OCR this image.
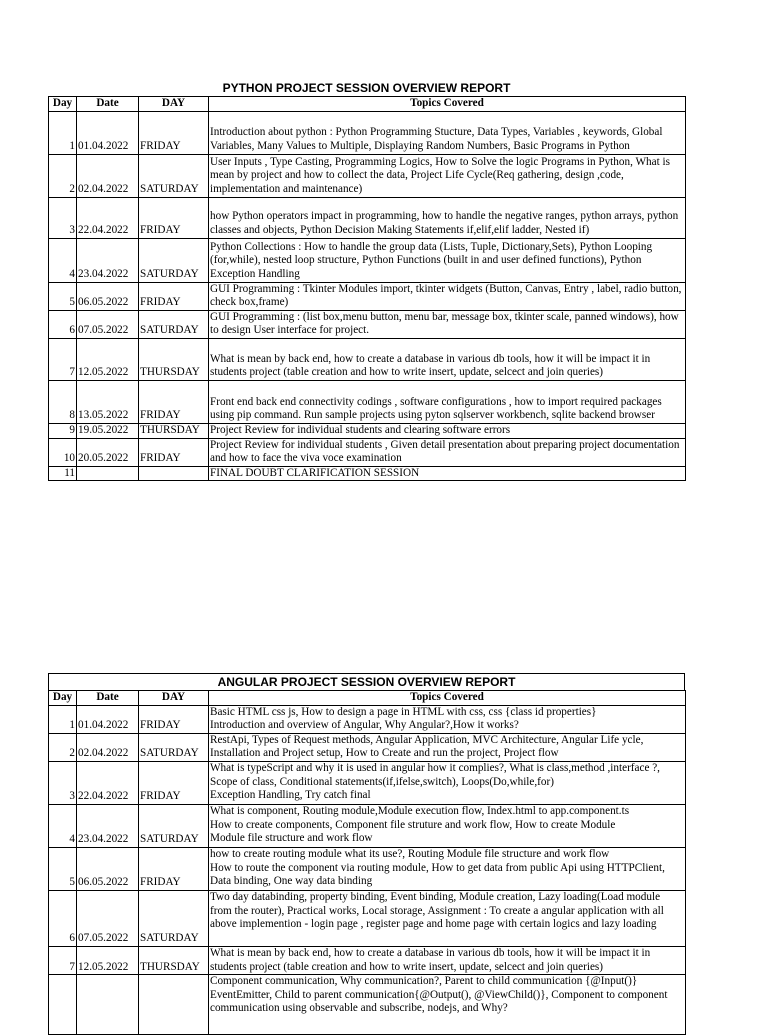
PYTHON PROJECT SESSION OVERVIEW REPORT
Day	Date	DAY	Topics Covered
1	01.04.2022	FRIDAY	Introduction about python : Python Programming Stucture, Data Types, Variables , keywords, Global Variables, Many Values to Multiple, Displaying Random Numbers, Basic Programs in Python
2	02.04.2022	SATURDAY	User Inputs , Type Casting, Programming Logics, How to Solve the logic Programs in Python, What is mean by project and how to collect the data, Project Life Cycle(Req gathering, design ,code, implementation and maintenance)
3	22.04.2022	FRIDAY	how Python operators impact in programming, how to handle the negative ranges, python arrays, python classes and objects, Python Decision Making Statements if,elif,elif ladder, Nested if)
4	23.04.2022	SATURDAY	Python Collections : How to handle the group data (Lists, Tuple, Dictionary,Sets), Python Looping (for,while), nested loop structure, Python Functions (built in and user defined functions), Python Exception Handling
5	06.05.2022	FRIDAY	GUI Programming : Tkinter Modules import, tkinter widgets (Button, Canvas, Entry , label, radio button, check box,frame)
6	07.05.2022	SATURDAY	GUI Programming : (list box,menu button, menu bar, message box, tkinter scale, panned windows), how to design User interface for project.
7	12.05.2022	THURSDAY	What is mean by back end, how to create a database in various db tools, how it will be impact it in students project (table creation and how to write insert, update, selcect and join queries)
8	13.05.2022	FRIDAY	Front end back end connectivity codings , software configurations , how to import required packages using pip command. Run sample projects using pyton sqlserver workbench, sqlite backend browser
9	19.05.2022	THURSDAY	Project Review for individual students and clearing software errors
10	20.05.2022	FRIDAY	Project Review for individual students , Given detail presentation about preparing project documentation and how to face the viva voce examination
11			FINAL DOUBT CLARIFICATION SESSION
ANGULAR PROJECT SESSION OVERVIEW REPORT
Day	Date	DAY	Topics Covered
1	01.04.2022	FRIDAY	Basic HTML css js, How to design a page in HTML with css, css {class id properties}
Introduction and overview of Angular, Why Angular?,How it works?
2	02.04.2022	SATURDAY	RestApi, Types of Request methods, Angular Application, MVC Architecture, Angular Life ycle, Installation and Project setup, How to Create and run the project, Project flow
3	22.04.2022	FRIDAY	What is typeScript and why it is used in angular how it complies?, What is class,method ,interface ?, Scope of class, Conditional statements(if,ifelse,switch), Loops(Do,while,for)
Exception Handling, Try catch final
4	23.04.2022	SATURDAY	What is component, Routing module,Module execution flow, Index.html to app.component.ts
How to create components, Component file struture and work flow, How to create Module
Module file structure and work flow
5	06.05.2022	FRIDAY	how to create routing module what its use?, Routing Module file structure and work flow
How to route the component via routing module, How to get data from public Api using HTTPClient, Data binding, One way data binding
6	07.05.2022	SATURDAY	Two day databinding, property binding, Event binding, Module creation, Lazy loading(Load module from the router), Practical works, Local storage, Assignment : To create a angular application with all above implemention - login page , register page and home page with certain logics and lazy loading
7	12.05.2022	THURSDAY	What is mean by back end, how to create a database in various db tools, how it will be impact it in students project (table creation and how to write insert, update, selcect and join queries)
			Component communication, Why communication?, Parent to child communication {@Input()}
EventEmitter, Child to parent communication{@Output(), @ViewChild()}, Component to component communication using observable and subscribe, nodejs, and Why?
